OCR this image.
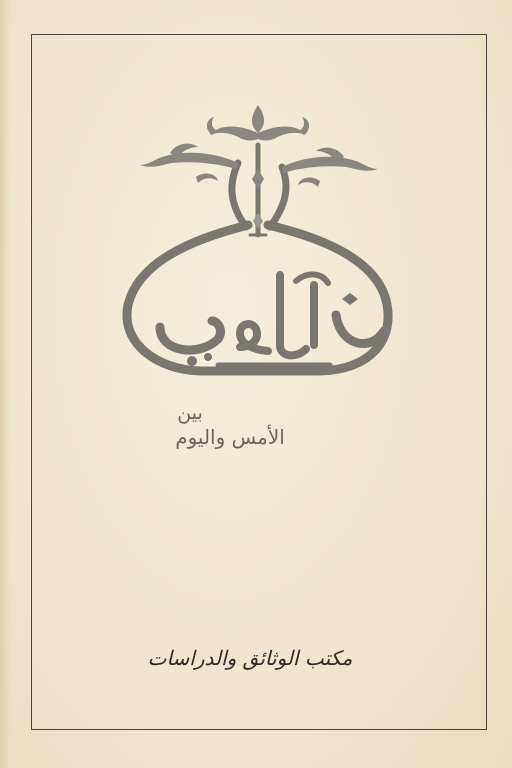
بين
الأمس واليوم
مكتب الوثائق والدراسات
